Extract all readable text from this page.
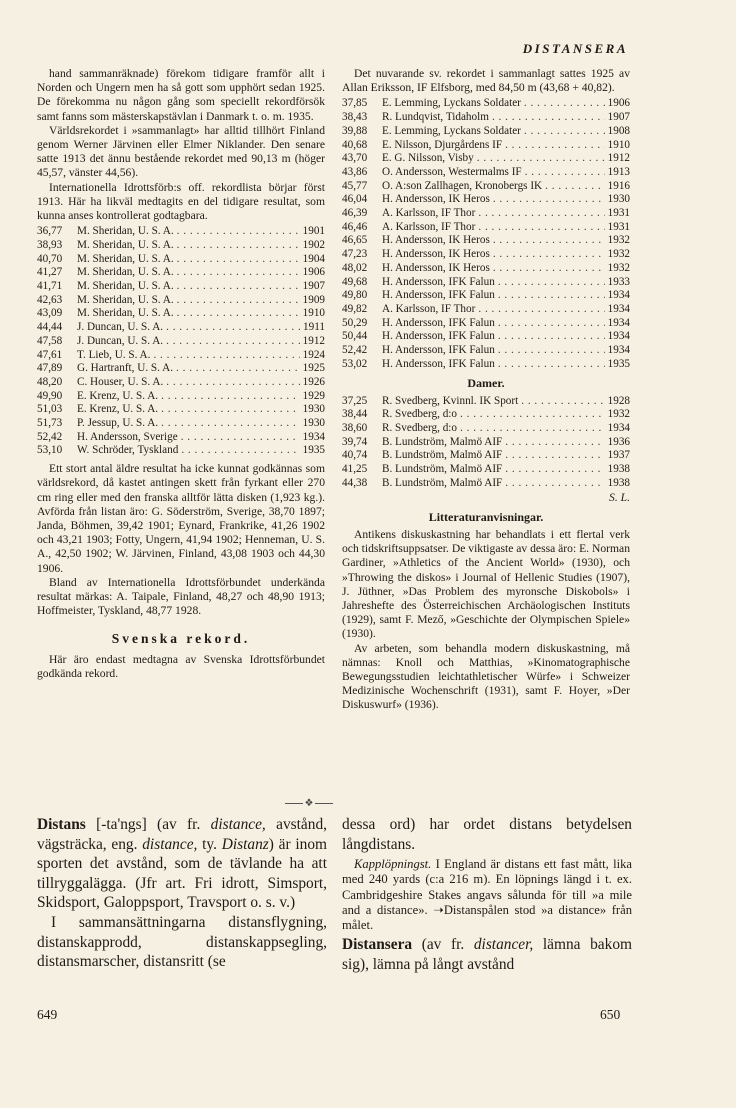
DISTANSERA

hand sammanräknade) förekom tidigare framför allt i Norden och Ungern men ha så gott som upphört sedan 1925. De förekomma nu någon gång som speciellt rekordförsök samt fanns som mästerskapstävlan i Danmark t. o. m. 1935.

Världsrekordet i »sammanlagt» har alltid tillhört Finland genom Werner Järvinen eller Elmer Niklander. Den senare satte 1913 det ännu bestående rekordet med 90,13 m (höger 45,57, vänster 44,56).

Internationella Idrottsförb:s off. rekordlista börjar först 1913. Här ha likväl medtagits en del tidigare resultat, som kunna anses kontrollerat godtagbara.

36,77	M. Sheridan, U. S. A. . . .	1901
38,93	M. Sheridan, U. S. A. . . .	1902
40,70	M. Sheridan, U. S. A. . . .	1904
41,27	M. Sheridan, U. S. A. . . .	1906
41,71	M. Sheridan, U. S. A. . . .	1907
42,63	M. Sheridan, U. S. A. . . .	1909
43,09	M. Sheridan, U. S. A. . . .	1910
44,44	J. Duncan, U. S. A. . . .	1911
47,58	J. Duncan, U. S. A. . . .	1912
47,61	T. Lieb, U. S. A. . . .	1924
47,89	G. Hartranft, U. S. A. . . .	1925
48,20	C. Houser, U. S. A. . . .	1926
49,90	E. Krenz, U. S. A. . . .	1929
51,03	E. Krenz, U. S. A. . . .	1930
51,73	P. Jessup, U. S. A. . . .	1930
52,42	H. Andersson, Sverige . . .	1934
53,10	W. Schröder, Tyskland . . .	1935

Ett stort antal äldre resultat ha icke kunnat godkännas som världsrekord, då kastet antingen skett från fyrkant eller 270 cm ring eller med den franska alltför lätta disken (1,923 kg.). Avförda från listan äro: G. Söderström, Sverige, 38,70 1897; Janda, Böhmen, 39,42 1901; Eynard, Frankrike, 41,26 1902 och 43,21 1903; Fotty, Ungern, 41,94 1902; Henneman, U. S. A., 42,50 1902; W. Järvinen, Finland, 43,08 1903 och 44,30 1906.

Bland av Internationella Idrottsförbundet underkända resultat märkas: A. Taipale, Finland, 48,27 och 48,90 1913; Hoffmeister, Tyskland, 48,77 1928.

Svenska rekord.

Här äro endast medtagna av Svenska Idrottsförbundet godkända rekord.

Det nuvarande sv. rekordet i sammanlagt sattes 1925 av Allan Eriksson, IF Elfsborg, med 84,50 m (43,68 + 40,82).

37,85	E. Lemming, Lyckans Soldater . . .	1906
38,43	R. Lundqvist, Tidaholm . . .	1907
39,88	E. Lemming, Lyckans Soldater . . .	1908
40,68	E. Nilsson, Djurgårdens IF . . .	1910
43,70	E. G. Nilsson, Visby . . .	1912
43,86	O. Andersson, Westermalms IF . . .	1913
45,77	O. A:son Zallhagen, Kronobergs IK . . .	1916
46,04	H. Andersson, IK Heros . . .	1930
46,39	A. Karlsson, IF Thor . . .	1931
46,46	A. Karlsson, IF Thor . . .	1931
46,65	H. Andersson, IK Heros . . .	1932
47,23	H. Andersson, IK Heros . . .	1932
48,02	H. Andersson, IK Heros . . .	1932
49,68	H. Andersson, IFK Falun . . .	1933
49,80	H. Andersson, IFK Falun . . .	1934
49,82	A. Karlsson, IF Thor . . .	1934
50,29	H. Andersson, IFK Falun . . .	1934
50,44	H. Andersson, IFK Falun . . .	1934
52,42	H. Andersson, IFK Falun . . .	1934
53,02	H. Andersson, IFK Falun . . .	1935
Damer.
37,25	R. Svedberg, Kvinnl. IK Sport . . .	1928
38,44	R. Svedberg, d:o . . .	1932
38,60	R. Svedberg, d:o . . .	1934
39,74	B. Lundström, Malmö AIF . . .	1936
40,74	B. Lundström, Malmö AIF . . .	1937
41,25	B. Lundström, Malmö AIF . . .	1938
44,38	B. Lundström, Malmö AIF . . .	1938
S. L.
Litteraturanvisningar.

Antikens diskuskastning har behandlats i ett flertal verk och tidskriftsuppsatser. De viktigaste av dessa äro: E. Norman Gardiner, »Athletics of the Ancient World» (1930), och »Throwing the diskos» i Journal of Hellenic Studies (1907), J. Jüthner, »Das Problem des myronsche Diskobols» i Jahreshefte des Österreichischen Archäologischen Instituts (1929), samt F. Mező, »Geschichte der Olympischen Spiele» (1930).

Av arbeten, som behandla modern diskuskastning, må nämnas: Knoll och Matthias, »Kinomatographische Bewegungsstudien leichtathletischer Würfe» i Schweizer Medizinische Wochenschrift (1931), samt F. Hoyer, »Der Diskuswurf» (1936).

❖

Distans [-ta'ngs] (av fr. distance, avstånd, vägsträcka, eng. distance, ty. Distanz) är inom sporten det avstånd, som de tävlande ha att tillryggalägga. (Jfr art. Fri idrott, Simsport, Skidsport, Galoppsport, Travsport o. s. v.)

I sammansättningarna distansflygning, distanskapprodd, distanskappsegling, distansmarscher, distansritt (se

dessa ord) har ordet distans betydelsen långdistans.

Kapplöpningst. I England är distans ett fast mått, lika med 240 yards (c:a 216 m). En löpnings längd i t. ex. Cambridgeshire Stakes angavs sålunda för till »a mile and a distance». ➝Distanspålen stod »a distance» från målet.

Distansera (av fr. distancer, lämna bakom sig), lämna på långt avstånd

649	650
